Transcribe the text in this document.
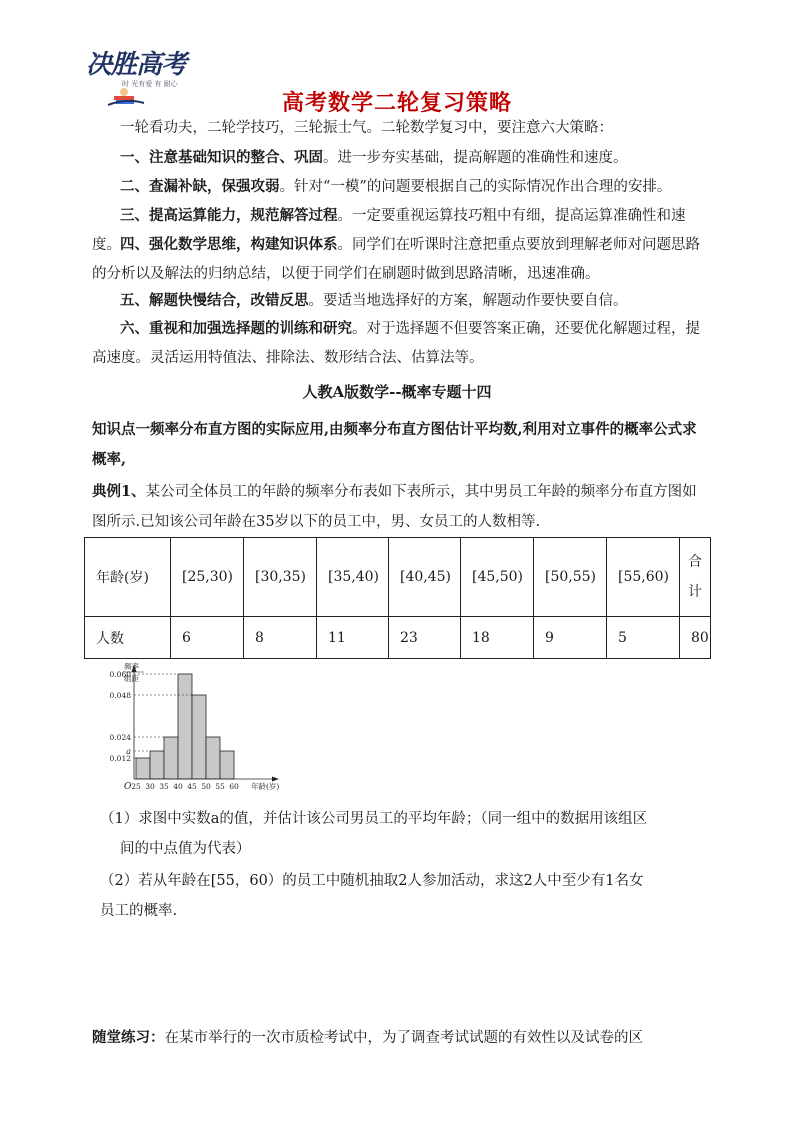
决胜高考
时 光有爱 有 耐心
高考数学二轮复习策略
一轮看功夫，二轮学技巧，三轮振士气。二轮数学复习中，要注意六大策略：
一、注意基础知识的整合、巩固。进一步夯实基础，提高解题的准确性和速度。
二、查漏补缺，保强攻弱。针对“一模”的问题要根据自己的实际情况作出合理的安排。
三、提高运算能力，规范解答过程。一定要重视运算技巧粗中有细，提高运算准确性和速度。 四、强化数学思维，构建知识体系。同学们在听课时注意把重点要放到理解老师对问题思路的分析以及解法的归纳总结，以便于同学们在刷题时做到思路清晰，迅速准确。
五、解题快慢结合，改错反思。要适当地选择好的方案，解题动作要快要自信。
六、重视和加强选择题的训练和研究。对于选择题不但要答案正确，还要优化解题过程，提高速度。灵活运用特值法、排除法、数形结合法、估算法等。
人教A版数学--概率专题十四
知识点一频率分布直方图的实际应用,由频率分布直方图估计平均数,利用对立事件的概率公式求概率,
典例1、某公司全体员工的年龄的频率分布表如下表所示，其中男员工年龄的频率分布直方图如图所示.已知该公司年龄在35岁以下的员工中，男、女员工的人数相等.
年龄(岁)	[25,30)	[30,35)	[35,40)	[40,45)	[45,50)	[50,55)	[55,60)	合
计

人数	6	8	11	23	18	9	5	80
0.060
0.048
0.024
a
0.012
25 30 35 40 45 50 55 60
O	年龄(岁)
频率
组距
（1）求图中实数a的值，并估计该公司男员工的平均年龄；（同一组中的数据用该组区
间的中点值为代表）
（2）若从年龄在[55，60）的员工中随机抽取2人参加活动，求这2人中至少有1名女
员工的概率.
随堂练习：在某市举行的一次市质检考试中，为了调查考试试题的有效性以及试卷的区
